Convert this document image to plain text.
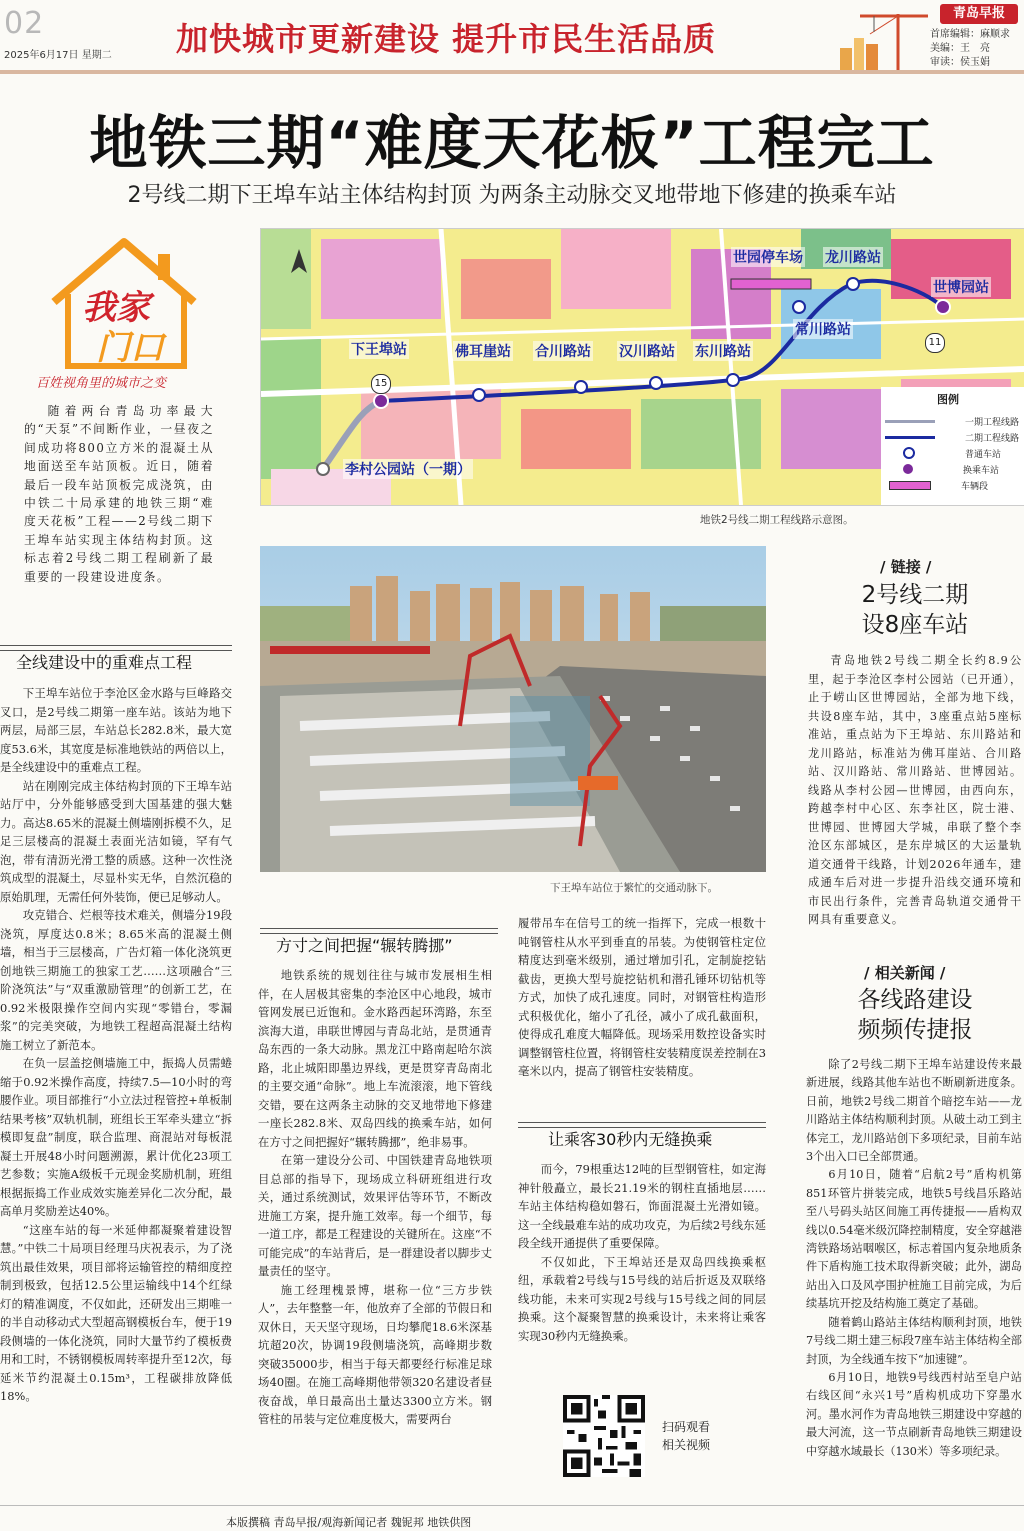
02
2025年6月17日 星期二 加快城市更新建设 提升市民生活品质
青岛早报
首席编辑：麻顺求
美编：王　亮
审读：侯玉娟
地铁三期“难度天花板”工程完工
2号线二期下王埠车站主体结构封顶 为两条主动脉交叉地带地下修建的换乘车站
我家
门口
百姓视角里的城市之变

随着两台青岛功率最大的“天泵”不间断作业，一昼夜之间成功将800立方米的混凝土从地面送至车站顶板。近日，随着最后一段车站顶板完成浇筑，由中铁二十局承建的地铁三期“难度天花板”工程——2号线二期下王埠车站实现主体结构封顶。这标志着2号线二期工程刷新了最重要的一段建设进度条。

全线建设中的重难点工程

下王埠车站位于李沧区金水路与巨峰路交叉口，是2号线二期第一座车站。该站为地下两层，局部三层，车站总长282.8米，最大宽度53.6米，其宽度是标准地铁站的两倍以上，是全线建设中的重难点工程。

站在刚刚完成主体结构封顶的下王埠车站站厅中，分外能够感受到大国基建的强大魅力。高达8.65米的混凝土侧墙刚拆模不久，足足三层楼高的混凝土表面光洁如镜，罕有气泡，带有清沥光滑工整的质感。这种一次性浇筑成型的混凝土，尽显朴实无华，自然沉稳的原始肌理，无需任何外装饰，便已足够动人。

攻克错合、烂根等技术难关，侧墙分19段浇筑，厚度达0.8米；8.65米高的混凝土侧墙，相当于三层楼高，广告灯箱一体化浇筑更创地铁三期施工的独家工艺……这项融合“三阶浇筑法”与“双重激励管理”的创新工艺，在0.92米极限操作空间内实现“零错台，零漏浆”的完美突破，为地铁工程超高混凝土结构施工树立了新范本。

在负一层盖挖侧墙施工中，振捣人员需蜷缩于0.92米操作高度，持续7.5—10小时的弯腰作业。项目部推行“小立法过程管控+单板制结果考核”双轨机制，班组长王军牵头建立“拆模即复盘”制度，联合监理、商混站对每板混凝土开展48小时问题溯源，累计优化23项工艺参数；实施A级板千元现金奖励机制，班组根据振捣工作业成效实施差异化二次分配，最高单月奖励差达40%。

“这座车站的每一米延伸都凝聚着建设智慧。”中铁二十局项目经理马庆祝表示，为了浇筑出最佳效果，项目部将运输管控的精细度控制到极致，包括12.5公里运输线中14个红绿灯的精准调度，不仅如此，还研发出三期唯一的半自动移动式大型超高钢模板台车，便于19段侧墙的一体化浇筑，同时大量节约了模板费用和工时，不锈钢模板周转率提升至12次，每延米节约混凝土0.15m³，工程碳排放降低18%。

世园停车场 龙川路站
世博园站
常川路站
下王埠站	佛耳崖站 合川路站 汉川路站 东川路站
李村公园站（一期）
15
11
图例
一期工程线路
二期工程线路
普通车站
换乘车站
车辆段
地铁2号线二期工程线路示意图。
下王埠车站位于繁忙的交通动脉下。
方寸之间把握“辗转腾挪”

地铁系统的规划往往与城市发展相生相伴，在人居极其密集的李沧区中心地段，城市管网发展已近饱和。金水路西起环湾路，东至滨海大道，串联世博园与青岛北站，是贯通青岛东西的一条大动脉。黑龙江中路南起哈尔滨路，北止城阳即墨边界线，更是贯穿青岛南北的主要交通“命脉”。地上车流滚滚，地下管线交错，要在这两条主动脉的交叉地带地下修建一座长282.8米、双岛四线的换乘车站，如何在方寸之间把握好“辗转腾挪”，绝非易事。

在第一建设分公司、中国铁建青岛地铁项目总部的指导下，现场成立科研班组进行攻关，通过系统测试，效果评估等环节，不断改进施工方案，提升施工效率。每一个细节，每一道工序，都是工程建设的关键所在。这座“不可能完成”的车站背后，是一群建设者以脚步丈量责任的坚守。

施工经理槐景博，堪称一位“三方步铁人”，去年整整一年，他放弃了全部的节假日和双休日，天天坚守现场，日均攀爬18.6米深基坑超20次，协调19段侧墙浇筑，高峰期步数突破35000步，相当于每天都要经行标准足球场40圈。在施工高峰期他带领320名建设者昼夜奋战，单日最高出土量达3300立方米。钢管柱的吊装与定位难度极大，需要两台

履带吊车在信号工的统一指挥下，完成一根数十吨钢管柱从水平到垂直的吊装。为使钢管柱定位精度达到毫米级别，通过增加引孔，定制旋挖钻截齿，更换大型号旋挖钻机和潜孔锤环切钻机等方式，加快了成孔速度。同时，对钢管柱构造形式积极优化，缩小了孔径，减小了成孔截面积，使得成孔难度大幅降低。现场采用数控设备实时调整钢管柱位置，将钢管柱安装精度误差控制在3毫米以内，提高了钢管柱安装精度。

让乘客30秒内无缝换乘

而今，79根重达12吨的巨型钢管柱，如定海神针般矗立，最长21.19米的钢柱直插地层……车站主体结构稳如磐石，饰面混凝土光滑如镜。这一全线最难车站的成功攻克，为后续2号线东延段全线开通提供了重要保障。

不仅如此，下王埠站还是双岛四线换乘枢纽，承载着2号线与15号线的站后折返及双联络线功能，未来可实现2号线与15号线之间的同层换乘。这个凝聚智慧的换乘设计，未来将让乘客实现30秒内无缝换乘。

扫码观看
相关视频
/ 链接 /
2号线二期
设8座车站

青岛地铁2号线二期全长约8.9公里，起于李沧区李村公园站（已开通），止于崂山区世博园站，全部为地下线，共设8座车站，其中，3座重点站5座标准站，重点站为下王埠站、东川路站和龙川路站，标准站为佛耳崖站、合川路站、汉川路站、常川路站、世博园站。线路从李村公园—世博园，由西向东，跨越李村中心区、东李社区，院士港、世博园、世博园大学城，串联了整个李沧区东部城区，是东岸城区的大运量轨道交通骨干线路，计划2026年通车，建成通车后对进一步提升沿线交通环境和市民出行条件，完善青岛轨道交通骨干网具有重要意义。

/ 相关新闻 /
各线路建设
频频传捷报

除了2号线二期下王埠车站建设传来最新进展，线路其他车站也不断刷新进度条。日前，地铁2号线二期首个暗挖车站——龙川路站主体结构顺利封顶。从破土动工到主体完工，龙川路站创下多项纪录，目前车站3个出入口已全部贯通。

6月10日，随着“启航2号”盾构机第851环管片拼装完成，地铁5号线昌乐路站至八号码头站区间施工再传捷报——盾构双线以0.54毫米级沉降控制精度，安全穿越港湾铁路场站咽喉区，标志着国内复杂地质条件下盾构施工技术取得新突破；此外，湖岛站出入口及风亭围护桩施工目前完成，为后续基坑开挖及结构施工奠定了基础。

随着鹤山路站主体结构顺利封顶，地铁7号线二期土建三标段7座车站主体结构全部封顶，为全线通车按下“加速键”。

6月10日，地铁9号线西村站至皂户站右线区间“永兴1号”盾构机成功下穿墨水河。墨水河作为青岛地铁三期建设中穿越的最大河流，这一节点刷新青岛地铁三期建设中穿越水域最长（130米）等多项纪录。

本版撰稿 青岛早报/观海新闻记者 魏铌邦 地铁供图
